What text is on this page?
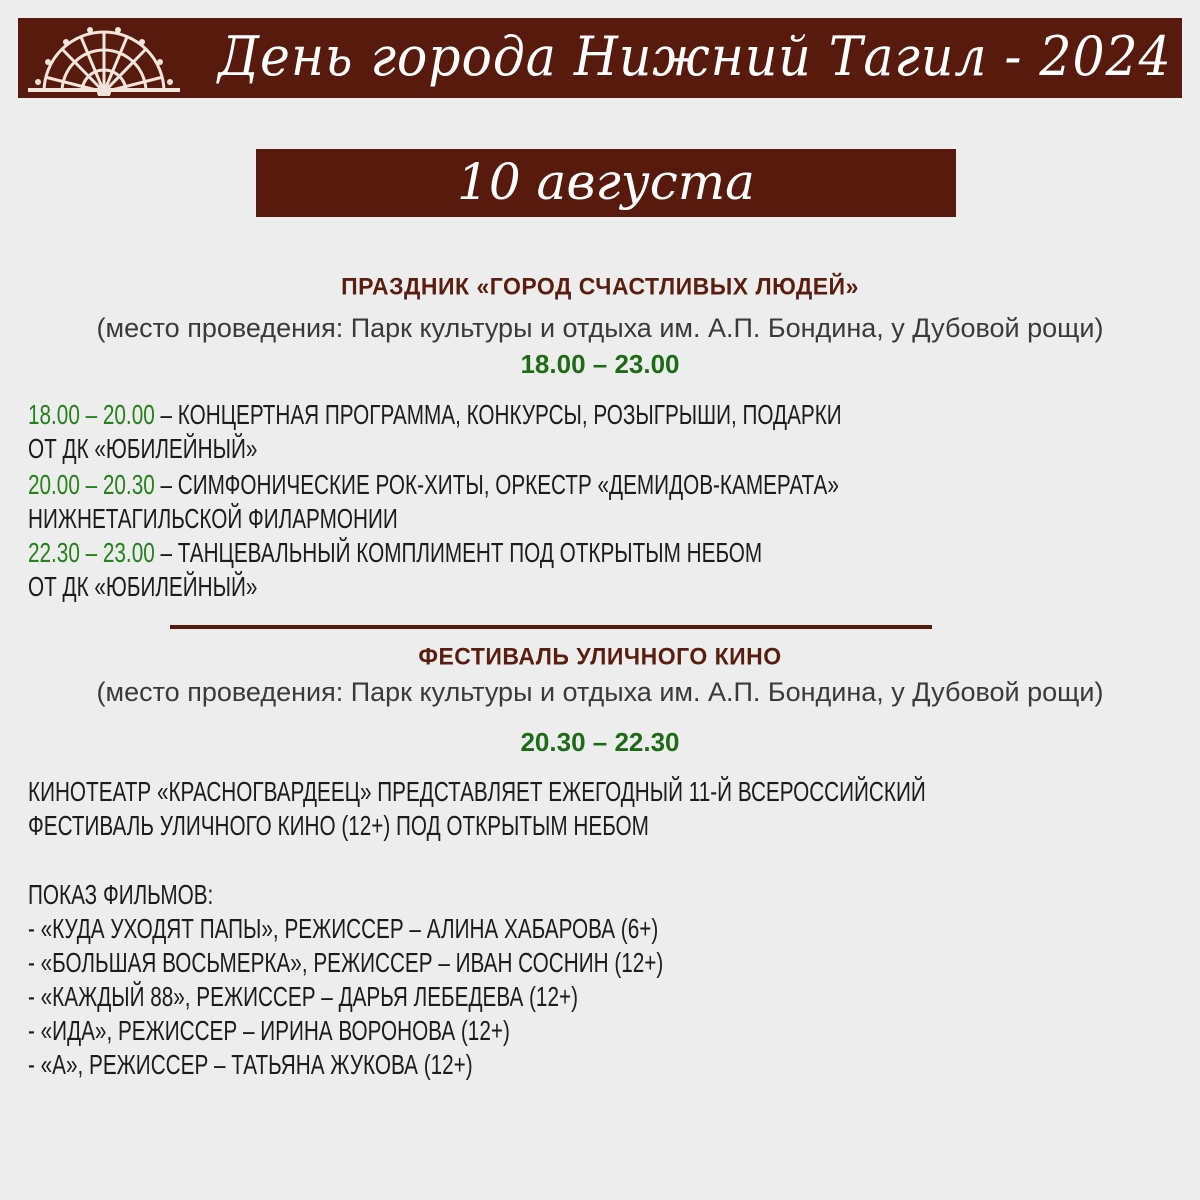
День города Нижний Тагил - 2024
10 августа
ПРАЗДНИК «ГОРОД СЧАСТЛИВЫХ ЛЮДЕЙ»
(место проведения: Парк культуры и отдыха им. А.П. Бондина, у Дубовой рощи)
18.00 – 23.00
18.00 – 20.00 – КОНЦЕРТНАЯ ПРОГРАММА, КОНКУРСЫ, РОЗЫГРЫШИ, ПОДАРКИ
ОТ ДК «ЮБИЛЕЙНЫЙ»
20.00 – 20.30 – СИМФОНИЧЕСКИЕ РОК-ХИТЫ, ОРКЕСТР «ДЕМИДОВ-КАМЕРАТА»
НИЖНЕТАГИЛЬСКОЙ ФИЛАРМОНИИ
22.30 – 23.00 – ТАНЦЕВАЛЬНЫЙ КОМПЛИМЕНТ ПОД ОТКРЫТЫМ НЕБОМ
ОТ ДК «ЮБИЛЕЙНЫЙ»
ФЕСТИВАЛЬ УЛИЧНОГО КИНО
(место проведения: Парк культуры и отдыха им. А.П. Бондина, у Дубовой рощи)
20.30 – 22.30
КИНОТЕАТР «КРАСНОГВАРДЕЕЦ» ПРЕДСТАВЛЯЕТ ЕЖЕГОДНЫЙ 11-Й ВСЕРОССИЙСКИЙ
ФЕСТИВАЛЬ УЛИЧНОГО КИНО (12+) ПОД ОТКРЫТЫМ НЕБОМ
ПОКАЗ ФИЛЬМОВ:
- «КУДА УХОДЯТ ПАПЫ», РЕЖИССЕР – АЛИНА ХАБАРОВА (6+)
- «БОЛЬШАЯ ВОСЬМЕРКА», РЕЖИССЕР – ИВАН СОСНИН (12+)
- «КАЖДЫЙ 88», РЕЖИССЕР – ДАРЬЯ ЛЕБЕДЕВА (12+)
- «ИДА», РЕЖИССЕР – ИРИНА ВОРОНОВА (12+)
- «А», РЕЖИССЕР – ТАТЬЯНА ЖУКОВА (12+)
